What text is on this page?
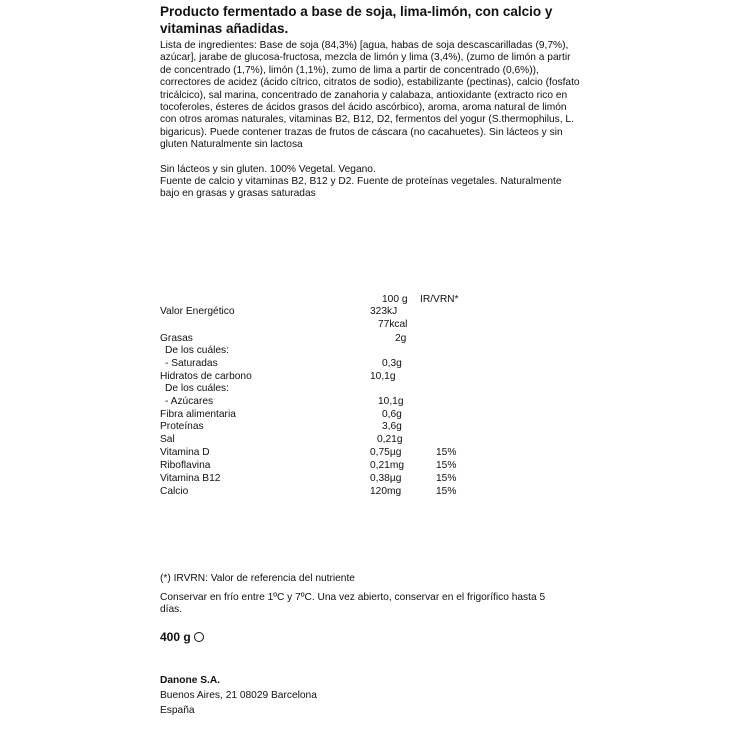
Producto fermentado a base de soja, lima-limón, con calcio y vitaminas añadidas.
Lista de ingredientes: Base de soja (84,3%) [agua, habas de soja descascarilladas (9,7%), azúcar], jarabe de glucosa-fructosa, mezcla de limón y lima (3,4%), (zumo de limón a partir de concentrado (1,7%), limón (1,1%), zumo de lima a partir de concentrado (0,6%)), correctores de acidez (ácido cítrico, citratos de sodio), estabilizante (pectinas), calcio (fosfato tricálcico), sal marina, concentrado de zanahoria y calabaza, antioxidante (extracto rico en tocoferoles, ésteres de ácidos grasos del ácido ascórbico), aroma, aroma natural de limón con otros aromas naturales, vitaminas B2, B12, D2, fermentos del yogur (S.thermophilus, L. bigaricus). Puede contener trazas de frutos de cáscara (no cacahuetes). Sin lácteos y sin gluten Naturalmente sin lactosa
Sin lácteos y sin gluten. 100% Vegetal. Vegano.
Fuente de calcio y vitaminas B2, B12 y D2. Fuente de proteínas vegetales. Naturalmente bajo en grasas y grasas saturadas
100 g IR/VRN*
Valor Energético	323kJ
77kcal
Grasas	2g
De los cuáles:
- Saturadas	0,3g
Hidratos de carbono	10,1g
De los cuáles:
- Azúcares	10,1g
Fibra alimentaria	0,6g
Proteínas	3,6g
Sal	0,21g
Vitamina D	0,75µg	15%
Riboflavina	0,21mg	15%
Vitamina B12	0,38µg	15%
Calcio	120mg	15%
(*) IRVRN: Valor de referencia del nutriente
Conservar en frío entre 1ºC y 7ºC. Una vez abierto, conservar en el frigorífico hasta 5 días.
400 g
Danone S.A.
Buenos Aires, 21 08029 Barcelona
España
